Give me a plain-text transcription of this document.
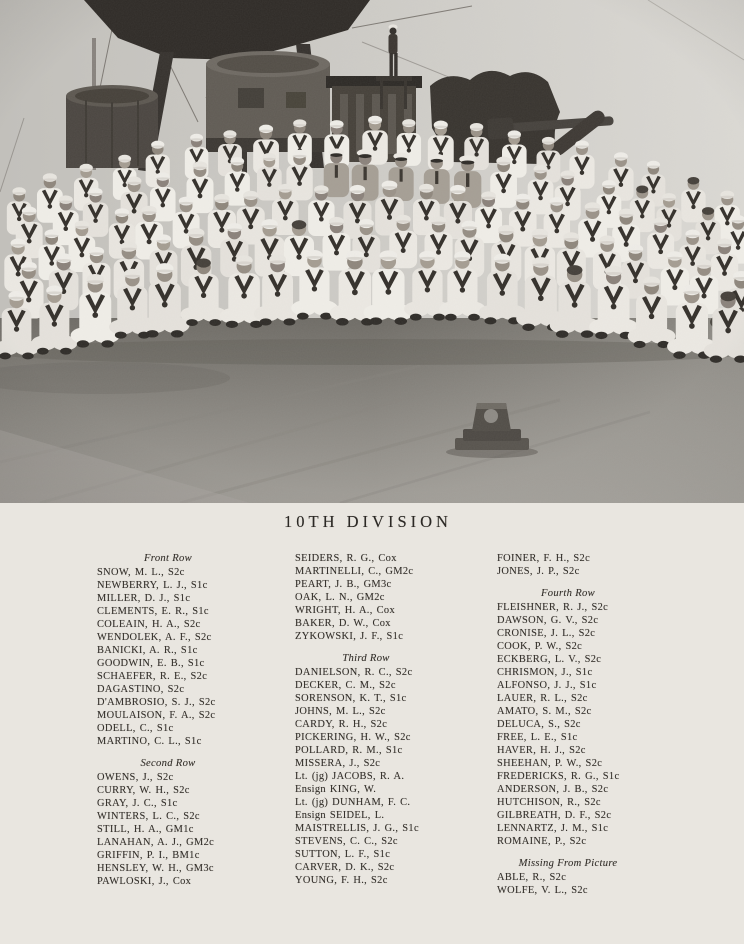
10TH DIVISION
Front Row
SNOW, M. L., S2c
NEWBERRY, L. J., S1c
MILLER, D. J., S1c
CLEMENTS, E. R., S1c
COLEAIN, H. A., S2c
WENDOLEK, A. F., S2c
BANICKI, A. R., S1c
GOODWIN, E. B., S1c
SCHAEFER, R. E., S2c
DAGASTINO, S2c
D'AMBROSIO, S. J., S2c
MOULAISON, F. A., S2c
ODELL, C., S1c
MARTINO, C. L., S1c
Second Row
OWENS, J., S2c
CURRY, W. H., S2c
GRAY, J. C., S1c
WINTERS, L. C., S2c
STILL, H. A., GM1c
LANAHAN, A. J., GM2c
GRIFFIN, P. I., BM1c
HENSLEY, W. H., GM3c
PAWLOSKI, J., Cox
SEIDERS, R. G., Cox
MARTINELLI, C., GM2c
PEART, J. B., GM3c
OAK, L. N., GM2c
WRIGHT, H. A., Cox
BAKER, D. W., Cox
ZYKOWSKI, J. F., S1c
Third Row
DANIELSON, R. C., S2c
DECKER, C. M., S2c
SORENSON, K. T., S1c
JOHNS, M. L., S2c
CARDY, R. H., S2c
PICKERING, H. W., S2c
POLLARD, R. M., S1c
MISSERA, J., S2c
Lt. (jg) JACOBS, R. A.
Ensign KING, W.
Lt. (jg) DUNHAM, F. C.
Ensign SEIDEL, L.
MAISTRELLIS, J. G., S1c
STEVENS, C. C., S2c
SUTTON, L. F., S1c
CARVER, D. K., S2c
YOUNG, F. H., S2c
FOINER, F. H., S2c
JONES, J. P., S2c
Fourth Row
FLEISHNER, R. J., S2c
DAWSON, G. V., S2c
CRONISE, J. L., S2c
COOK, P. W., S2c
ECKBERG, L. V., S2c
CHRISMON, J., S1c
ALFONSO, J. J., S1c
LAUER, R. L., S2c
AMATO, S. M., S2c
DELUCA, S., S2c
FREE, L. E., S1c
HAVER, H. J., S2c
SHEEHAN, P. W., S2c
FREDERICKS, R. G., S1c
ANDERSON, J. B., S2c
HUTCHISON, R., S2c
GILBREATH, D. F., S2c
LENNARTZ, J. M., S1c
ROMAINE, P., S2c
Missing From Picture
ABLE, R., S2c
WOLFE, V. L., S2c
